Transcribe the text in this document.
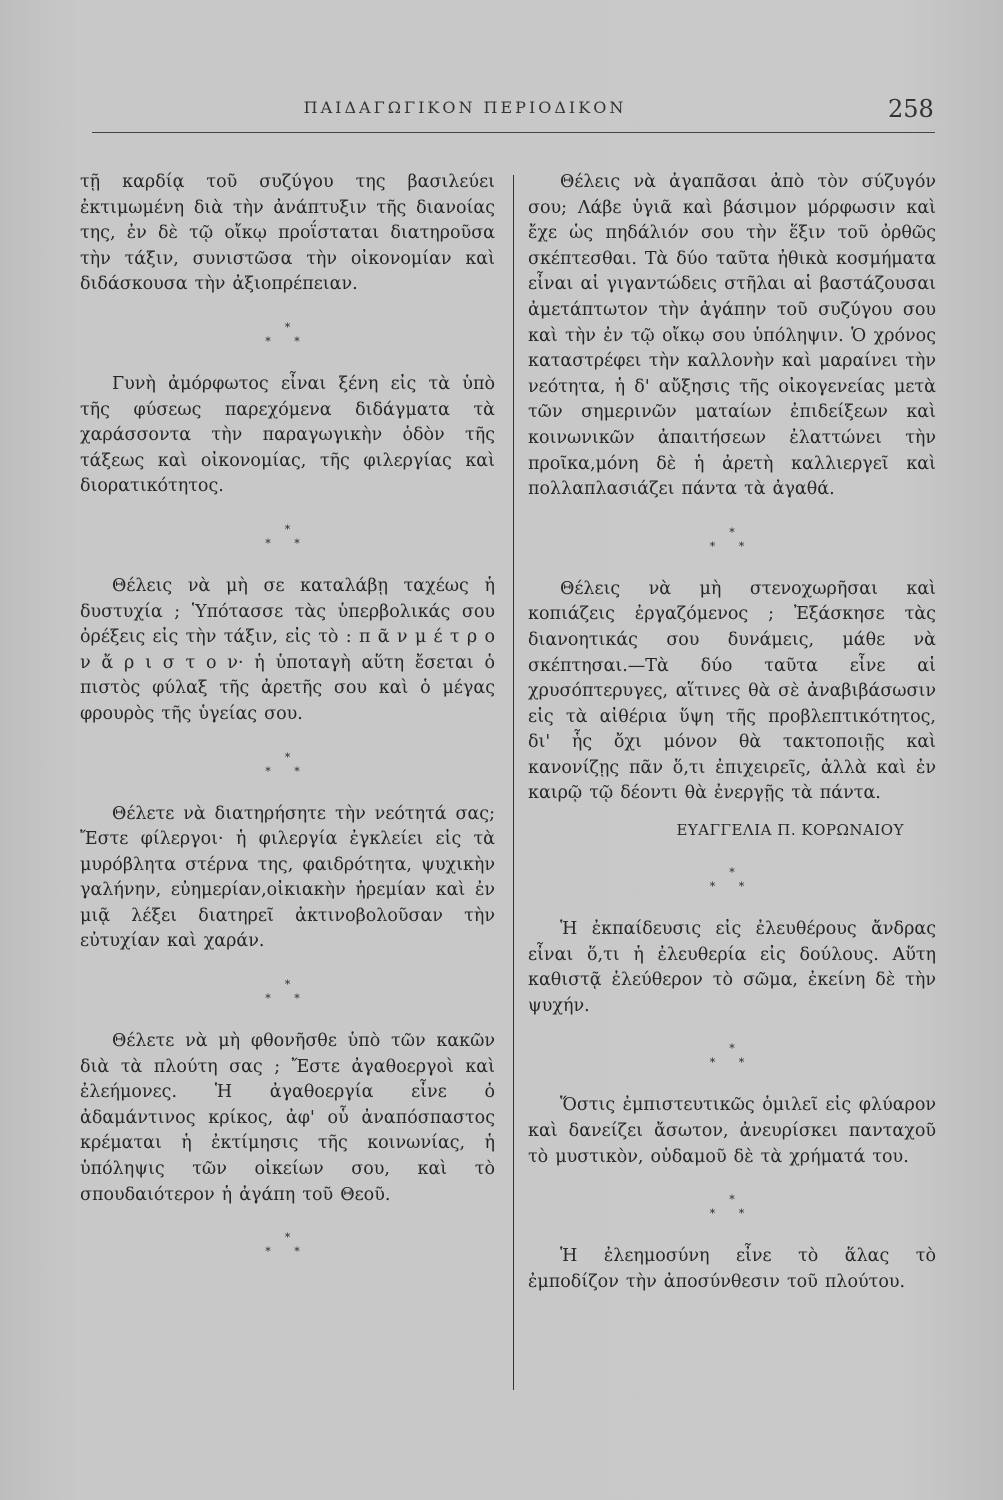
ΠΑΙΔΑΓΩΓΙΚΟΝ ΠΕΡΙΟΔΙΚΟΝ	258

τῇ καρδίᾳ τοῦ συζύγου της βασιλεύει ἐκτιμωμένη διὰ τὴν ἀνάπτυξιν τῆς διανοίας της, ἐν δὲ τῷ οἴκῳ προΐσταται διατηροῦσα τὴν τάξιν, συνιστῶσα τὴν οἰκονομίαν καὶ διδάσκουσα τὴν ἀξιοπρέπειαν.

*
* *

Γυνὴ ἀμόρφωτος εἶναι ξένη εἰς τὰ ὑπὸ τῆς φύσεως παρεχόμενα διδάγματα τὰ χαράσσοντα τὴν παραγωγικὴν ὁδὸν τῆς τάξεως καὶ οἰκονομίας, τῆς φιλεργίας καὶ διορατικότητος.

*
* *

Θέλεις νὰ μὴ σε καταλάβῃ ταχέως ἡ δυστυχία ; Ὑπότασσε τὰς ὑπερβολικάς σου ὀρέξεις εἰς τὴν τάξιν, εἰς τὸ : π ᾶ ν μ έ τ ρ ο ν ἄ ρ ι σ τ ο ν· ἡ ὑποταγὴ αὕτη ἔσεται ὁ πιστὸς φύλαξ τῆς ἀρετῆς σου καὶ ὁ μέγας φρουρὸς τῆς ὑγείας σου.

*
* *

Θέλετε νὰ διατηρήσητε τὴν νεότητά σας; Ἔστε φίλεργοι· ἡ φιλεργία ἐγκλείει εἰς τὰ μυρόβλητα στέρνα της, φαιδρότητα, ψυχικὴν γαλήνην, εὐημερίαν,οἰκιακὴν ἠρεμίαν καὶ ἐν μιᾷ λέξει διατηρεῖ ἀκτινοβολοῦσαν τὴν εὐτυχίαν καὶ χαράν.

*
* *

Θέλετε νὰ μὴ φθονῆσθε ὑπὸ τῶν κακῶν διὰ τὰ πλούτη σας ; Ἔστε ἀγαθοεργοὶ καὶ ἐλεήμονες. Ἡ ἀγαθοεργία εἶνε ὁ ἀδαμάντινος κρίκος, ἀφ' οὗ ἀναπόσπαστος κρέμαται ἡ ἐκτίμησις τῆς κοινωνίας, ἡ ὑπόληψις τῶν οἰκείων σου, καὶ τὸ σπουδαιότερον ἡ ἀγάπη τοῦ Θεοῦ.

*
* *

Θέλεις νὰ ἀγαπᾶσαι ἀπὸ τὸν σύζυγόν σου; Λάβε ὑγιᾶ καὶ βάσιμον μόρφωσιν καὶ ἔχε ὡς πηδάλιόν σου τὴν ἕξιν τοῦ ὀρθῶς σκέπτεσθαι. Τὰ δύο ταῦτα ἠθικὰ κοσμήματα εἶναι αἱ γιγαντώδεις στῆλαι αἱ βαστάζουσαι ἀμετάπτωτον τὴν ἀγάπην τοῦ συζύγου σου καὶ τὴν ἐν τῷ οἴκῳ σου ὑπόληψιν. Ὁ χρόνος καταστρέφει τὴν καλλονὴν καὶ μαραίνει τὴν νεότητα, ἡ δ' αὔξησις τῆς οἰκογενείας μετὰ τῶν σημερινῶν ματαίων ἐπιδείξεων καὶ κοινωνικῶν ἀπαιτήσεων ἐλαττώνει τὴν προῖκα,μόνη δὲ ἡ ἀρετὴ καλλιεργεῖ καὶ πολλαπλασιάζει πάντα τὰ ἀγαθά.

*
* *

Θέλεις νὰ μὴ στενοχωρῆσαι καὶ κοπιάζεις ἐργαζόμενος ; Ἐξάσκησε τὰς διανοητικάς σου δυνάμεις, μάθε νὰ σκέπτησαι.—Τὰ δύο ταῦτα εἶνε αἱ χρυσόπτερυγες, αἵτινες θὰ σὲ ἀναβιβάσωσιν εἰς τὰ αἰθέρια ὕψη τῆς προβλεπτικότητος, δι' ἧς ὄχι μόνον θὰ τακτοποιῇς καὶ κανονίζῃς πᾶν ὅ,τι ἐπιχειρεῖς, ἀλλὰ καὶ ἐν καιρῷ τῷ δέοντι θὰ ἐνεργῇς τὰ πάντα.

ΕΥΑΓΓΕΛΙΑ Π. ΚΟΡΩΝΑΙΟΥ

*
* *

Ἡ ἐκπαίδευσις εἰς ἐλευθέρους ἄνδρας εἶναι ὅ,τι ἡ ἐλευθερία εἰς δούλους. Αὕτη καθιστᾷ ἐλεύθερον τὸ σῶμα, ἐκείνη δὲ τὴν ψυχήν.

*
* *

Ὅστις ἐμπιστευτικῶς ὁμιλεῖ εἰς φλύαρον καὶ δανείζει ἄσωτον, ἀνευρίσκει πανταχοῦ τὸ μυστικὸν, οὐδαμοῦ δὲ τὰ χρήματά του.

*
* *

Ἡ ἐλεημοσύνη εἶνε τὸ ἅλας τὸ ἐμποδίζον τὴν ἀποσύνθεσιν τοῦ πλούτου.
